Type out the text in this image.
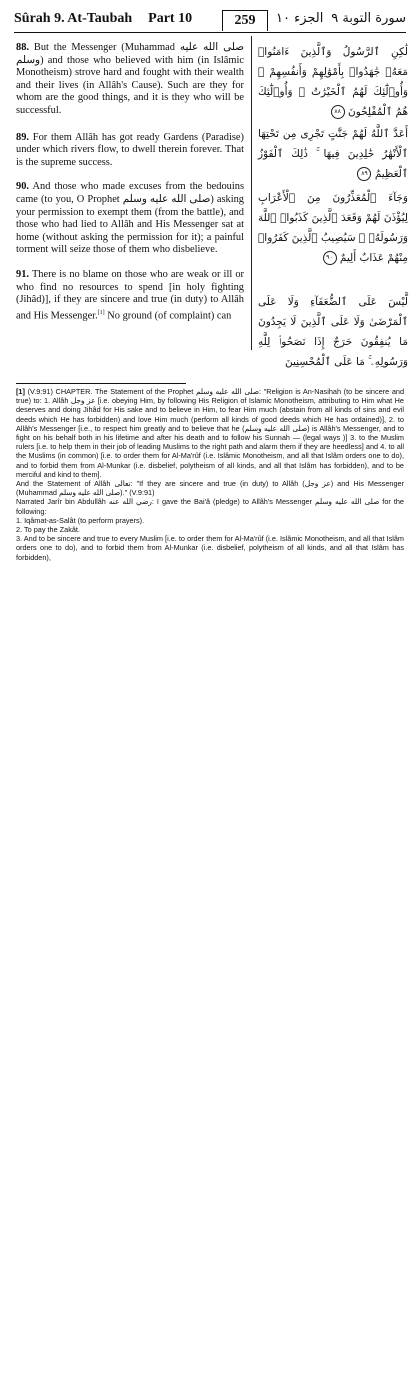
Sûrah 9. At-Taubah Part 10	259	الجزء ١٠ سورة التوبة ٩

88. But the Messenger (Muhammad صلى الله عليه وسلم) and those who believed with him (in Islâmic Monotheism) strove hard and fought with their wealth and their lives (in Allâh's Cause). Such are they for whom are the good things, and it is they who will be successful.

89. For them Allâh has got ready Gardens (Paradise) under which rivers flow, to dwell therein forever. That is the supreme success.

90. And those who made excuses from the bedouins came (to you, O Prophet صلى الله عليه وسلم) asking your permission to exempt them (from the battle), and those who had lied to Allâh and His Messenger sat at home (without asking the permission for it); a painful torment will seize those of them who disbelieve.

91. There is no blame on those who are weak or ill or who find no resources to spend [in holy fighting (Jihâd)], if they are sincere and true (in duty) to Allâh and His Messenger.[1] No ground (of complaint) can

لَٰكِنِ ٱلرَّسُولُ وَٱلَّذِينَ ءَامَنُوا۟ مَعَهُۥ جَٰهَدُوا۟ بِأَمْوَٰلِهِمْ وَأَنفُسِهِمْ ۚ وَأُو۟لَٰٓئِكَ لَهُمُ ٱلْخَيْرَٰتُ ۖ وَأُو۟لَٰٓئِكَ هُمُ ٱلْمُفْلِحُونَ ٨٨

أَعَدَّ ٱللَّهُ لَهُمْ جَنَّٰتٍ تَجْرِى مِن تَحْتِهَا ٱلْأَنْهَٰرُ خَٰلِدِينَ فِيهَا ۚ ذَٰلِكَ ٱلْفَوْزُ ٱلْعَظِيمُ ٨٩

وَجَآءَ ٱلْمُعَذِّرُونَ مِنَ ٱلْأَعْرَابِ لِيُؤْذَنَ لَهُمْ وَقَعَدَ ٱلَّذِينَ كَذَبُوا۟ ٱللَّهَ وَرَسُولَهُۥ ۚ سَيُصِيبُ ٱلَّذِينَ كَفَرُوا۟ مِنْهُمْ عَذَابٌ أَلِيمٌ ٩٠

لَّيْسَ عَلَى ٱلضُّعَفَآءِ وَلَا عَلَى ٱلْمَرْضَىٰ وَلَا عَلَى ٱلَّذِينَ لَا يَجِدُونَ مَا يُنفِقُونَ حَرَجٌ إِذَا نَصَحُوا۟ لِلَّهِ وَرَسُولِهِۦ ۚ مَا عَلَى ٱلْمُحْسِنِينَ

[1] (V.9:91) CHAPTER. The Statement of the Prophet صلى الله عليه وسلم: "Religion is An-Nasihah (to be sincere and true) to: 1. Allâh عز وجل [i.e. obeying Him, by following His Religion of Islamic Monotheism, attributing to Him what He deserves and doing Jihâd for His sake and to believe in Him, to fear Him much (abstain from all kinds of sins and evil deeds which He has forbidden) and love Him much (perform all kinds of good deeds which He has ordained)], 2. to Allâh's Messenger [i.e., to respect him greatly and to believe that he (صلى الله عليه وسلم) is Allâh's Messenger, and to fight on his behalf both in his lifetime and after his death and to follow his Sunnah — (legal ways )] 3. to the Muslim rulers [i.e. to help them in their job of leading Muslims to the right path and alarm them if they are heedless] and 4. to all the Muslims (in common) [i.e. to order them for Al-Ma'rûf (i.e. Islâmic Monotheism, and all that Islâm orders one to do), and to forbid them from Al-Munkar (i.e. disbelief, polytheism of all kinds, and all that Islâm has forbidden), and to be merciful and kind to them].

And the Statement of Allâh تعالى: "If they are sincere and true (in duty) to Allâh (عز وجل) and His Messenger (Muhammad صلى الله عليه وسلم)." (V.9:91)

Narrated Jarîr bin Abdullâh رضي الله عنه: I gave the Bai'â (pledge) to Allâh's Messenger صلى الله عليه وسلم for the following:

1. Iqâmat-as-Salât (to perform prayers).

2. To pay the Zakât.

3. And to be sincere and true to every Muslim [i.e. to order them for Al-Ma'rûf (i.e. Islâmic Monotheism, and all that Islâm orders one to do), and to forbid them from Al-Munkar (i.e. disbelief, polytheism of all kinds, and all that Islâm has forbidden),
